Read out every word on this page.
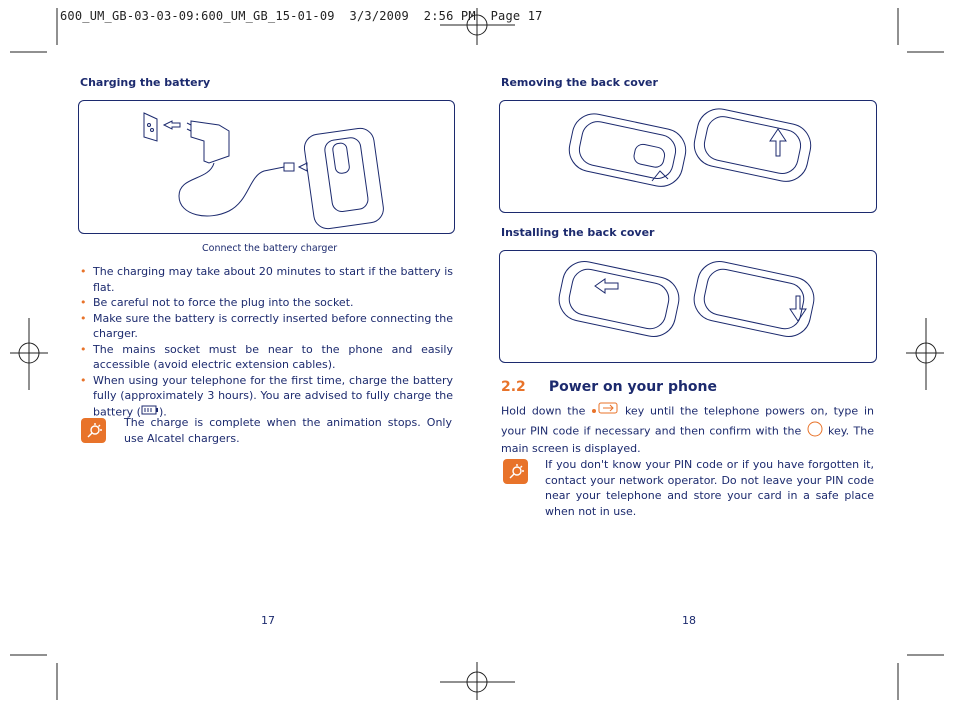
600_UM_GB-03-03-09:600_UM_GB_15-01-09  3/3/2009  2:56 PM  Page 17
Charging the battery
Connect the battery charger
• The charging may take about 20 minutes to start if the battery is flat.
• Be careful not to force the plug into the socket.
• Make sure the battery is correctly inserted before connecting the charger.
• The mains socket must be near to the phone and easily accessible (avoid electric extension cables).
• When using your telephone for the first time, charge the battery fully (approximately 3 hours). You are advised to fully charge the battery ( ).
The charge is complete when the animation stops. Only use Alcatel chargers.
17
Removing the back cover
Installing the back cover
2.2 Power on your phone
Hold down the	key until the telephone powers on, type in your PIN code if necessary and then confirm with the key. The main screen is displayed.
If you don't know your PIN code or if you have forgotten it, contact your network operator. Do not leave your PIN code near your telephone and store your card in a safe place when not in use.
18
